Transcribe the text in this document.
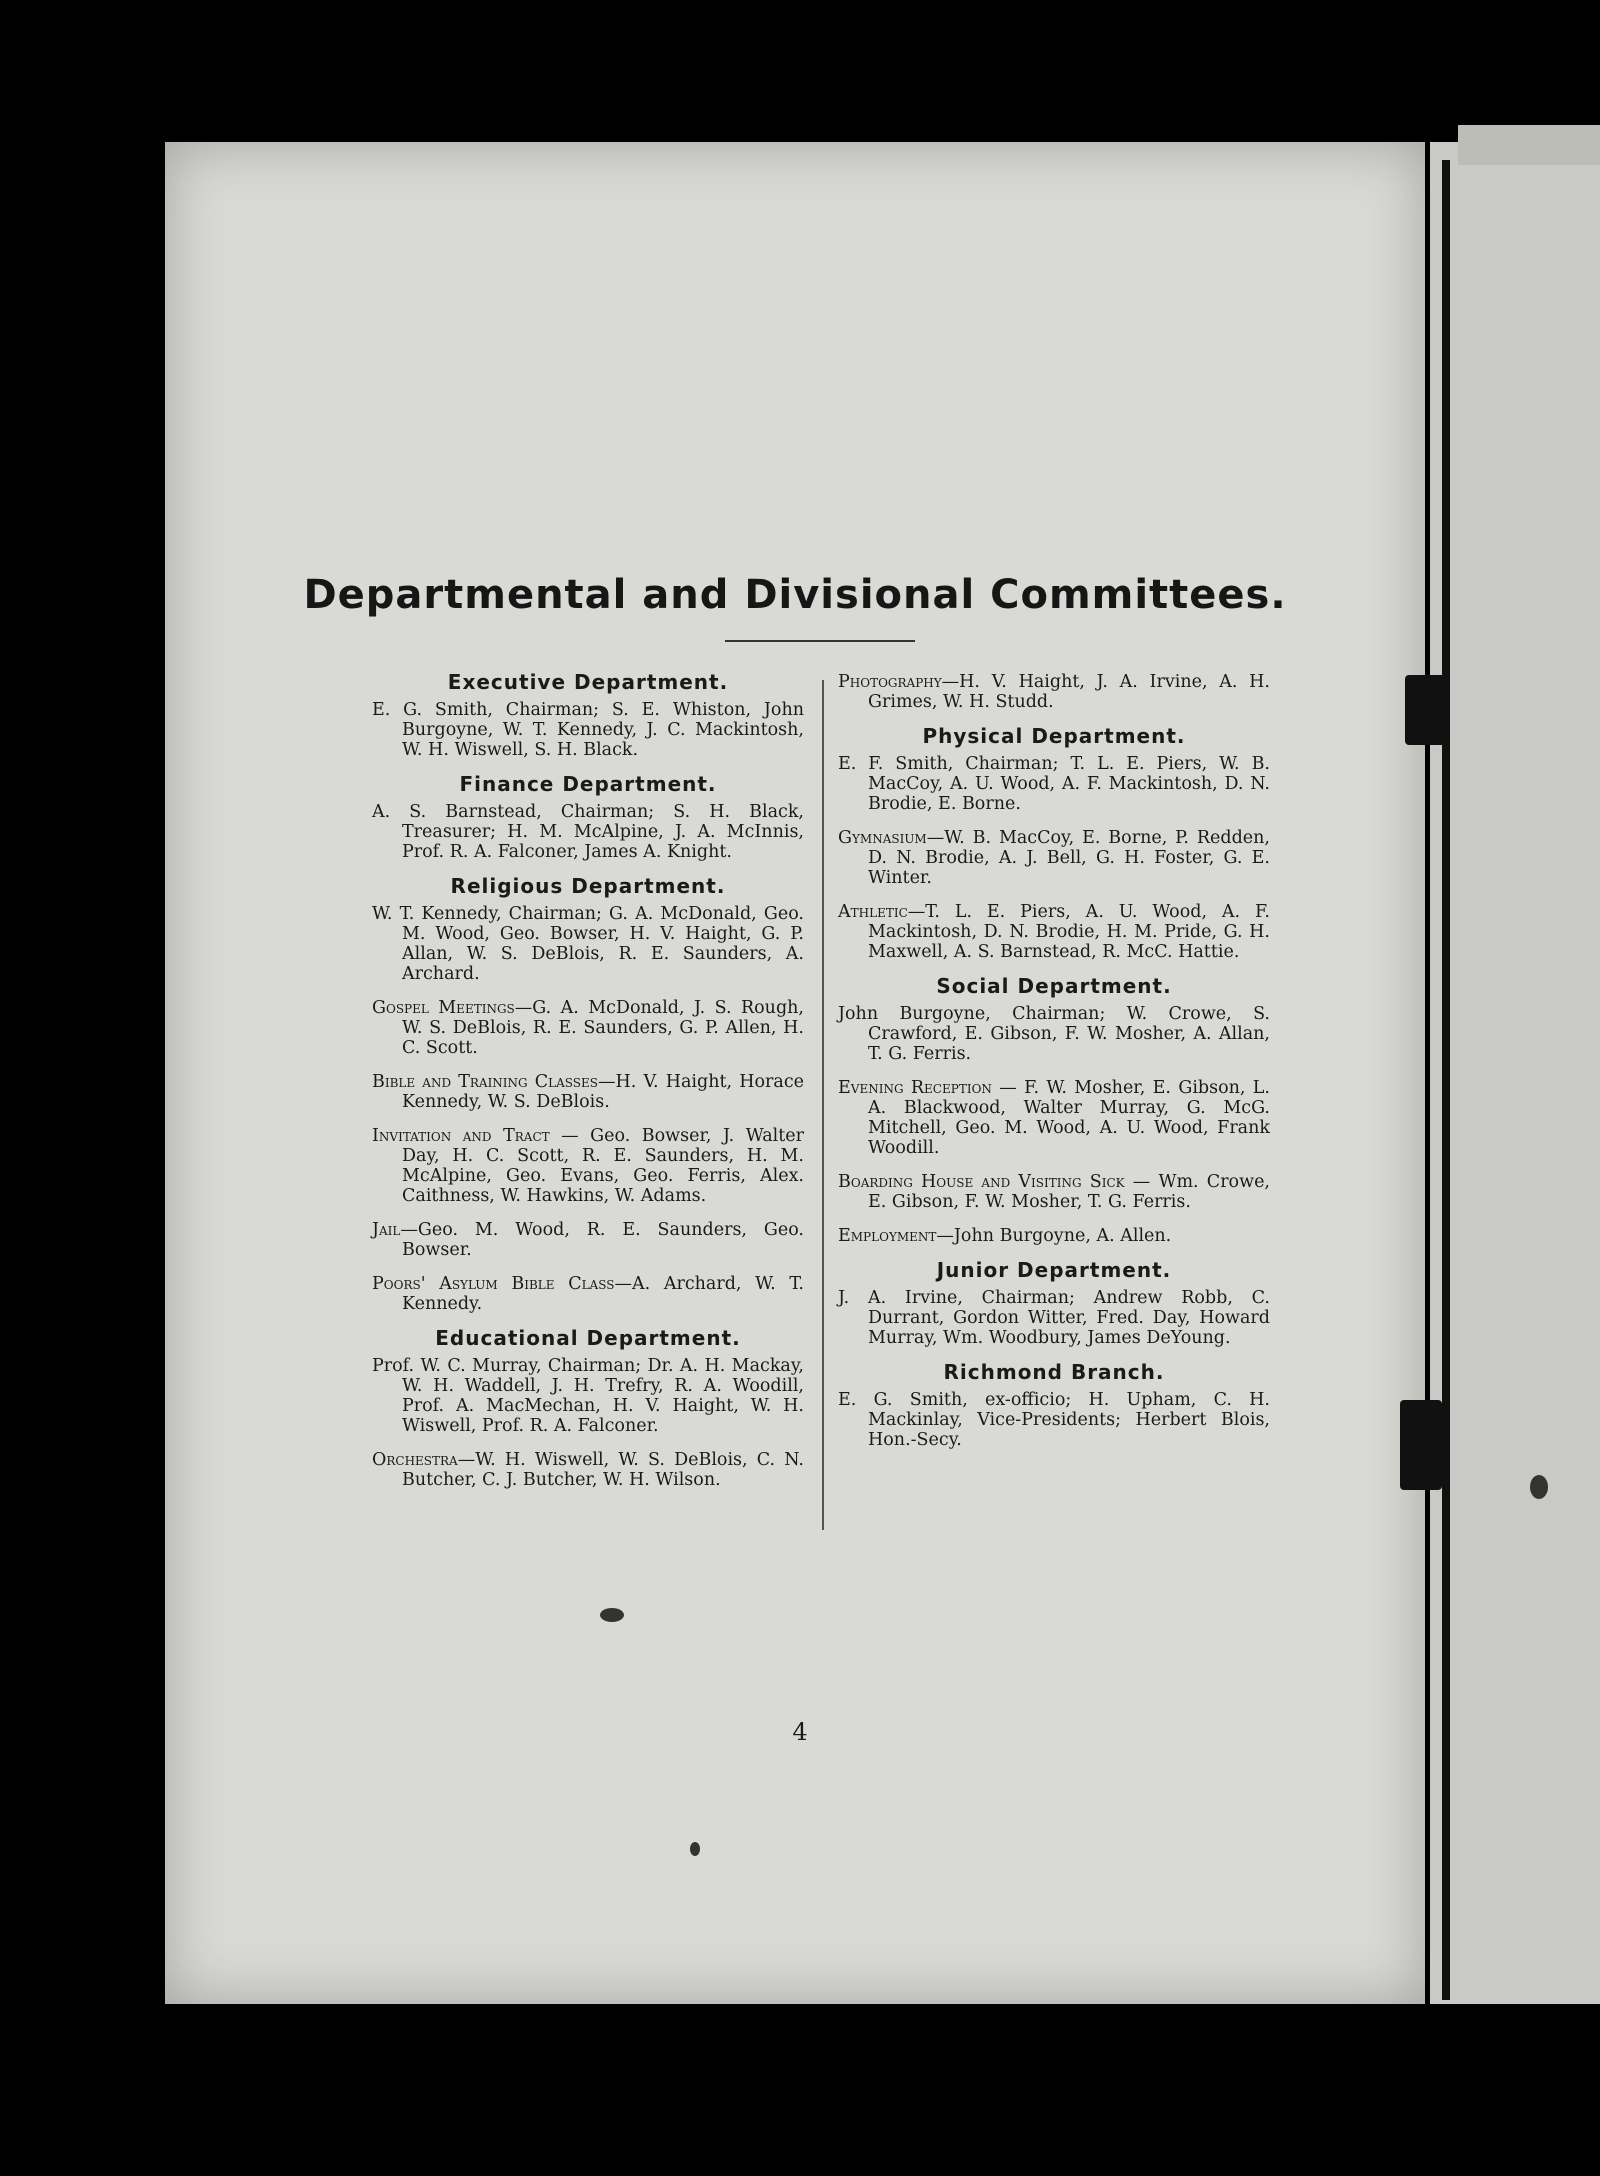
Departmental and Divisional Committees.
Executive Department.

E. G. Smith, Chairman; S. E. Whiston, John Burgoyne, W. T. Kennedy, J. C. Mackintosh, W. H. Wiswell, S. H. Black.

Finance Department.

A. S. Barnstead, Chairman; S. H. Black, Treasurer; H. M. McAlpine, J. A. McInnis, Prof. R. A. Falconer, James A. Knight.

Religious Department.

W. T. Kennedy, Chairman; G. A. McDonald, Geo. M. Wood, Geo. Bowser, H. V. Haight, G. P. Allan, W. S. DeBlois, R. E. Saunders, A. Archard.

Gospel Meetings—G. A. McDonald, J. S. Rough, W. S. DeBlois, R. E. Saunders, G. P. Allen, H. C. Scott.

Bible and Training Classes—H. V. Haight, Horace Kennedy, W. S. DeBlois.

Invitation and Tract — Geo. Bowser, J. Walter Day, H. C. Scott, R. E. Saunders, H. M. McAlpine, Geo. Evans, Geo. Ferris, Alex. Caithness, W. Hawkins, W. Adams.

Jail—Geo. M. Wood, R. E. Saunders, Geo. Bowser.

Poors' Asylum Bible Class—A. Archard, W. T. Kennedy.

Educational Department.

Prof. W. C. Murray, Chairman; Dr. A. H. Mackay, W. H. Waddell, J. H. Trefry, R. A. Woodill, Prof. A. MacMechan, H. V. Haight, W. H. Wiswell, Prof. R. A. Falconer.

Orchestra—W. H. Wiswell, W. S. DeBlois, C. N. Butcher, C. J. Butcher, W. H. Wilson.

Photography—H. V. Haight, J. A. Irvine, A. H. Grimes, W. H. Studd.

Physical Department.

E. F. Smith, Chairman; T. L. E. Piers, W. B. MacCoy, A. U. Wood, A. F. Mackintosh, D. N. Brodie, E. Borne.

Gymnasium—W. B. MacCoy, E. Borne, P. Redden, D. N. Brodie, A. J. Bell, G. H. Foster, G. E. Winter.

Athletic—T. L. E. Piers, A. U. Wood, A. F. Mackintosh, D. N. Brodie, H. M. Pride, G. H. Maxwell, A. S. Barnstead, R. McC. Hattie.

Social Department.

John Burgoyne, Chairman; W. Crowe, S. Crawford, E. Gibson, F. W. Mosher, A. Allan, T. G. Ferris.

Evening Reception — F. W. Mosher, E. Gibson, L. A. Blackwood, Walter Murray, G. McG. Mitchell, Geo. M. Wood, A. U. Wood, Frank Woodill.

Boarding House and Visiting Sick — Wm. Crowe, E. Gibson, F. W. Mosher, T. G. Ferris.

Employment—John Burgoyne, A. Allen.

Junior Department.

J. A. Irvine, Chairman; Andrew Robb, C. Durrant, Gordon Witter, Fred. Day, Howard Murray, Wm. Woodbury, James DeYoung.

Richmond Branch.

E. G. Smith, ex-officio; H. Upham, C. H. Mackinlay, Vice-Presidents; Herbert Blois, Hon.-Secy.

4
